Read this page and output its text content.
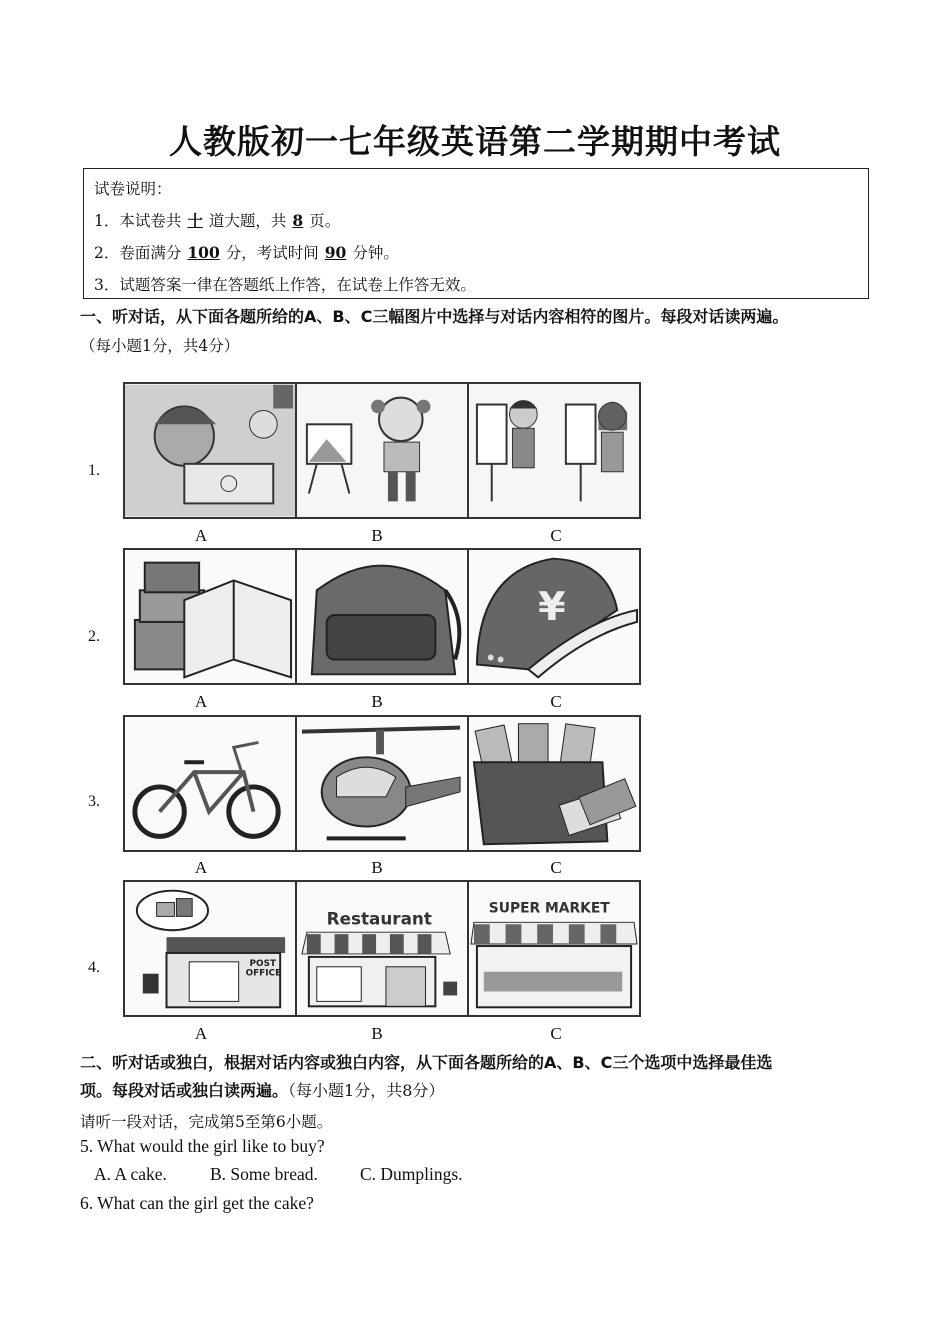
人教版初一七年级英语第二学期期中考试
试卷说明：
1．本试卷共 十 道大题，共 8 页。
2．卷面满分 100 分，考试时间 90 分钟。
3．试题答案一律在答题纸上作答，在试卷上作答无效。
一、听对话，从下面各题所给的A、B、C三幅图片中选择与对话内容相符的图片。每段对话读两遍。
（每小题1分，共4分）
1.
A	B	C
2.
¥
A	B	C
3.
A	B	C
4.	POST
OFFICE
Restaurant	SUPER MARKET
A	B	C
二、听对话或独白，根据对话内容或独白内容，从下面各题所给的A、B、C三个选项中选择最佳选
项。每段对话或独白读两遍。（每小题1分，共8分）
请听一段对话，完成第5至第6小题。
5. What would the girl like to buy?
A. A cake. B. Some bread. C. Dumplings.
6. What can the girl get the cake?
